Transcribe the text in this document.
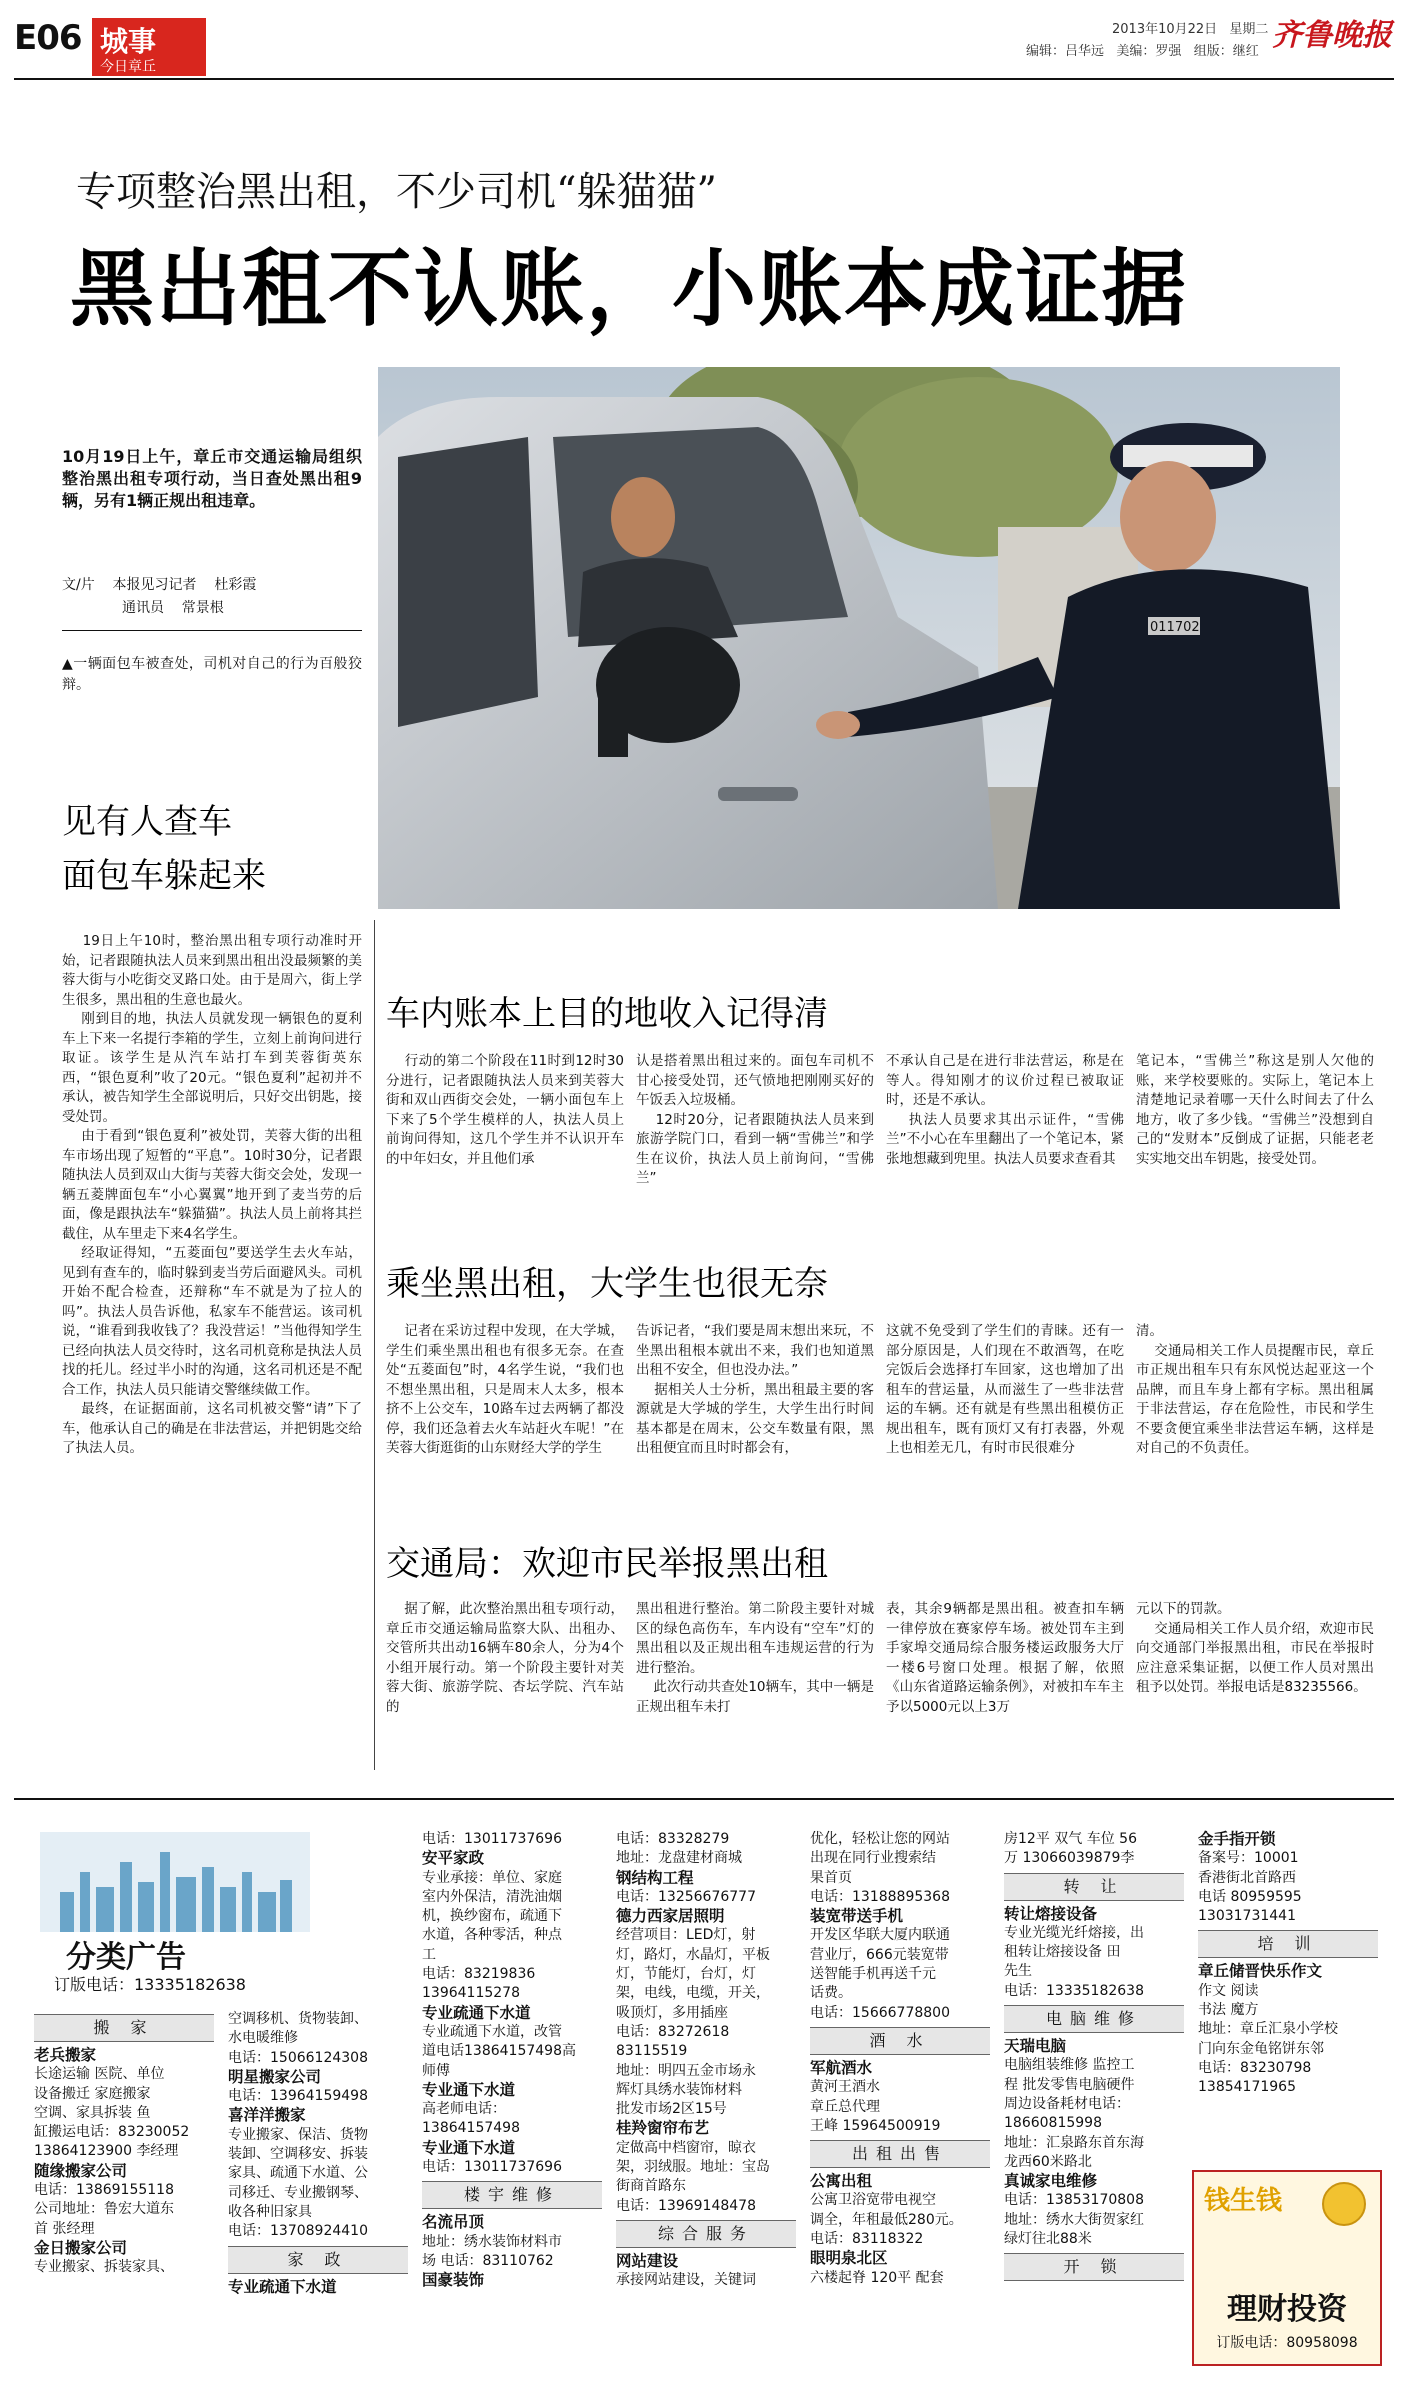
E06 城事
今日章丘
2013年10月22日 星期二 齐鲁晚报
编辑：吕华远   美编：罗强   组版：继红
专项整治黑出租，不少司机“躲猫猫”
黑出租不认账，小账本成证据
10月19日上午，章丘市交通运输局组织整治黑出租专项行动，当日查处黑出租9辆，另有1辆正规出租违章。
文/片    本报见习记者    杜彩霞
通讯员    常景根
▲一辆面包车被查处，司机对自己的行为百般狡辩。
011702
见有人查车
面包车躲起来
19日上午10时，整治黑出租专项行动准时开始，记者跟随执法人员来到黑出租出没最频繁的美蓉大街与小吃街交叉路口处。由于是周六，街上学生很多，黑出租的生意也最火。
刚到目的地，执法人员就发现一辆银色的夏利车上下来一名提行李箱的学生，立刻上前询问进行取证。该学生是从汽车站打车到芙蓉街英东西，“银色夏利”收了20元。“银色夏利”起初并不承认，被告知学生全部说明后，只好交出钥匙，接受处罚。
由于看到“银色夏利”被处罚，芙蓉大街的出租车市场出现了短暂的“平息”。10时30分，记者跟随执法人员到双山大街与芙蓉大街交会处，发现一辆五菱牌面包车“小心翼翼”地开到了麦当劳的后面，像是跟执法车“躲猫猫”。执法人员上前将其拦截住，从车里走下来4名学生。
经取证得知，“五菱面包”要送学生去火车站，见到有查车的，临时躲到麦当劳后面避风头。司机开始不配合检查，还辩称“车不就是为了拉人的吗”。执法人员告诉他，私家车不能营运。该司机说，“谁看到我收钱了？我没营运！”当他得知学生已经向执法人员交待时，这名司机竟称是执法人员找的托儿。经过半小时的沟通，这名司机还是不配合工作，执法人员只能请交警继续做工作。
最终，在证据面前，这名司机被交警“请”下了车，他承认自己的确是在非法营运，并把钥匙交给了执法人员。
车内账本上目的地收入记得清
行动的第二个阶段在11时到12时30分进行，记者跟随执法人员来到芙蓉大街和双山西街交会处，一辆小面包车上下来了5个学生模样的人，执法人员上前询问得知，这几个学生并不认识开车的中年妇女，并且他们承
认是搭着黑出租过来的。面包车司机不甘心接受处罚，还气愤地把刚刚买好的午饭丢入垃圾桶。
12时20分，记者跟随执法人员来到旅游学院门口，看到一辆“雪佛兰”和学生在议价，执法人员上前询问，“雪佛兰”
不承认自己是在进行非法营运，称是在等人。得知刚才的议价过程已被取证时，还是不承认。
执法人员要求其出示证件，“雪佛兰”不小心在车里翻出了一个笔记本，紧张地想藏到兜里。执法人员要求查看其
笔记本，“雪佛兰”称这是别人欠他的账，来学校要账的。实际上，笔记本上清楚地记录着哪一天什么时间去了什么地方，收了多少钱。“雪佛兰”没想到自己的“发财本”反倒成了证据，只能老老实实地交出车钥匙，接受处罚。
乘坐黑出租，大学生也很无奈
记者在采访过程中发现，在大学城，学生们乘坐黑出租也有很多无奈。在查处“五菱面包”时，4名学生说，“我们也不想坐黑出租，只是周末人太多，根本挤不上公交车，10路车过去两辆了都没停，我们还急着去火车站赶火车呢！”在芙蓉大街逛街的山东财经大学的学生
告诉记者，“我们要是周末想出来玩，不坐黑出租根本就出不来，我们也知道黑出租不安全，但也没办法。”
据相关人士分析，黑出租最主要的客源就是大学城的学生，大学生出行时间基本都是在周末，公交车数量有限，黑出租便宜而且时时都会有，
这就不免受到了学生们的青睐。还有一部分原因是，人们现在不敢酒驾，在吃完饭后会选择打车回家，这也增加了出租车的营运量，从而滋生了一些非法营运的车辆。还有就是有些黑出租模仿正规出租车，既有顶灯又有打表器，外观上也相差无几，有时市民很难分
清。
交通局相关工作人员提醒市民，章丘市正规出租车只有东风悦达起亚这一个品牌，而且车身上都有字标。黑出租属于非法营运，存在危险性，市民和学生不要贪便宜乘坐非法营运车辆，这样是对自己的不负责任。
交通局：欢迎市民举报黑出租
据了解，此次整治黑出租专项行动，章丘市交通运输局监察大队、出租办、交管所共出动16辆车80余人，分为4个小组开展行动。第一个阶段主要针对芙蓉大街、旅游学院、杏坛学院、汽车站的
黑出租进行整治。第二阶段主要针对城区的绿色高伤车，车内设有“空车”灯的黑出租以及正规出租车违规运营的行为进行整治。
此次行动共查处10辆车，其中一辆是正规出租车未打
表，其余9辆都是黑出租。被查扣车辆一律停放在赛家停车场。被处罚车主到手家埠交通局综合服务楼运政服务大厅一楼6号窗口处理。根据了解，依照《山东省道路运输条例》，对被扣车车主予以5000元以上3万
元以下的罚款。
交通局相关工作人员介绍，欢迎市民向交通部门举报黑出租，市民在举报时应注意采集证据，以便工作人员对黑出租予以处罚。举报电话是83235566。
分类广告
订版电话：13335182638
搬 家
老兵搬家
长途运输 医院、单位
设备搬迁 家庭搬家
空调、家具拆装 鱼
缸搬运电话：83230052
13864123900 李经理
随缘搬家公司
电话：13869155118
公司地址：鲁宏大道东
首 张经理
金日搬家公司
专业搬家、拆装家具、
空调移机、货物装卸、
水电暖维修
电话：15066124308
明星搬家公司
电话：13964159498
喜洋洋搬家
专业搬家、保洁、货物
装卸、空调移安、拆装
家具、疏通下水道、公
司移迁、专业搬钢琴、
收各种旧家具
电话：13708924410
家 政
专业疏通下水道
电话：13011737696
安平家政
专业承接：单位、家庭
室内外保洁，清洗油烟
机，换纱窗布，疏通下
水道，各种零活，种点
工
电话：83219836
13964115278
专业疏通下水道
专业疏通下水道，改管
道电话13864157498高
师傅
专业通下水道
高老师电话：
13864157498
专业通下水道
电话：13011737696
楼宇维修
名流吊顶
地址：绣水装饰材料市
场 电话：83110762
国豪装饰
电话：83328279
地址：龙盘建材商城
钢结构工程
电话：13256676777
德力西家居照明
经营项目：LED灯，射
灯，路灯，水晶灯，平板
灯，节能灯，台灯，灯
架，电线，电缆，开关，
吸顶灯，多用插座
电话：83272618
83115519
地址：明四五金市场永
辉灯具绣水装饰材料
批发市场2区15号
桂羚窗帘布艺
定做高中档窗帘，晾衣
架，羽绒服。地址：宝岛
街商首路东
电话：13969148478
综合服务
网站建设
承接网站建设，关键词
优化，轻松让您的网站
出现在同行业搜索结
果首页
电话：13188895368
装宽带送手机
开发区华联大厦内联通
营业厅，666元装宽带
送智能手机再送千元
话费。
电话：15666778800
酒 水
军航酒水
黄河王酒水
章丘总代理
王峰 15964500919
出租出售
公寓出租
公寓卫浴宽带电视空
调全，年租最低280元。
电话：83118322
眼明泉北区
六楼起脊 120平 配套
房12平 双气 车位 56
万 13066039879李
转 让
转让熔接设备
专业光缆光纤熔接，出
租转让熔接设备 田
先生
电话：13335182638
电脑维修
天瑞电脑
电脑组装维修 监控工
程 批发零售电脑硬件
周边设备耗材电话：
18660815998
地址：汇泉路东首东海
龙西60米路北
真诚家电维修
电话：13853170808
地址：绣水大街贺家红
绿灯往北88米
开 锁
金手指开锁
备案号：10001
香港街北首路西
电话 80959595
13031731441
培 训
章丘储晋快乐作文
作文 阅读
书法 魔方
地址：章丘汇泉小学校
门向东金龟铭饼东邻
电话：83230798
13854171965
钱生钱
理财投资
订版电话：80958098
